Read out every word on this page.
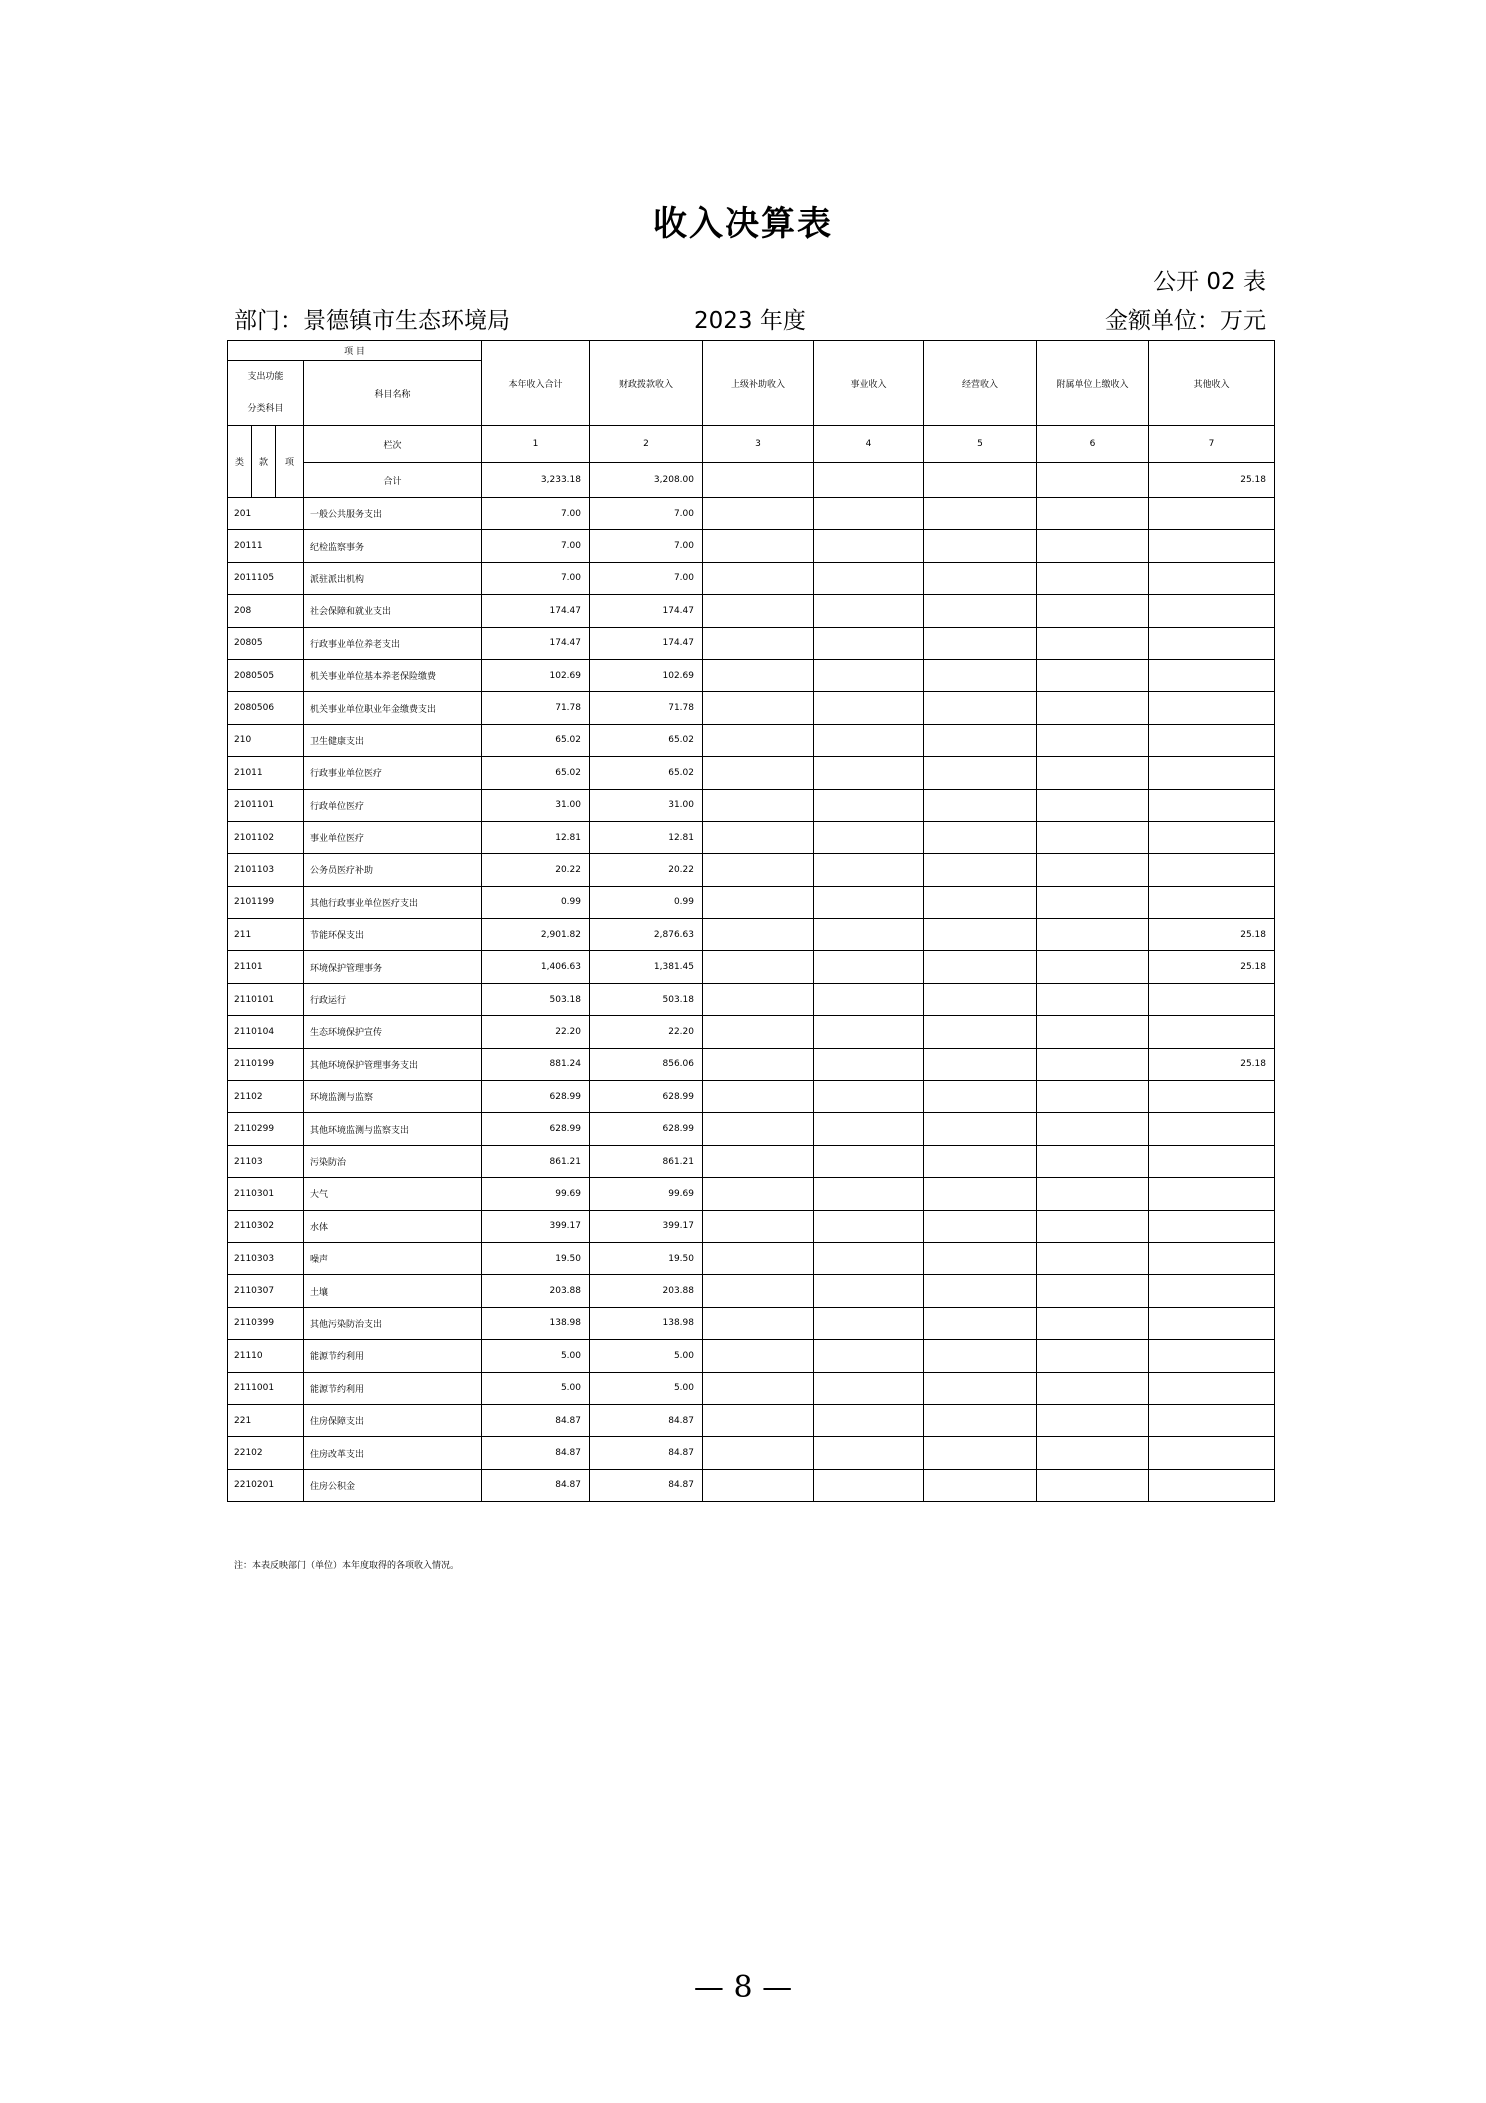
收入决算表
公开 02 表
部门：景德镇市生态环境局	2023 年度	金额单位：万元
项 目				本年收入合计	财政拨款收入	上级补助收入	事业收入	经营收入	附属单位上缴收入	其他收入

支出功能
分类科目			科目名称							
类	款	项	栏次	1	2	3	4	5	6	7
			合计	3,233.18	3,208.00					25.18
201			一般公共服务支出	7.00	7.00					
20111			纪检监察事务	7.00	7.00					
2011105			派驻派出机构	7.00	7.00					
208			社会保障和就业支出	174.47	174.47					
20805			行政事业单位养老支出	174.47	174.47					
2080505			机关事业单位基本养老保险缴费	102.69	102.69					
2080506			机关事业单位职业年金缴费支出	71.78	71.78					
210			卫生健康支出	65.02	65.02					
21011			行政事业单位医疗	65.02	65.02					
2101101			行政单位医疗	31.00	31.00					
2101102			事业单位医疗	12.81	12.81					
2101103			公务员医疗补助	20.22	20.22					
2101199			其他行政事业单位医疗支出	0.99	0.99					
211			节能环保支出	2,901.82	2,876.63					25.18
21101			环境保护管理事务	1,406.63	1,381.45					25.18
2110101			行政运行	503.18	503.18					
2110104			生态环境保护宣传	22.20	22.20					
2110199			其他环境保护管理事务支出	881.24	856.06					25.18
21102			环境监测与监察	628.99	628.99					
2110299			其他环境监测与监察支出	628.99	628.99					
21103			污染防治	861.21	861.21					
2110301			大气	99.69	99.69					
2110302			水体	399.17	399.17					
2110303			噪声	19.50	19.50					
2110307			土壤	203.88	203.88					
2110399			其他污染防治支出	138.98	138.98					
21110			能源节约利用	5.00	5.00					
2111001			能源节约利用	5.00	5.00					
221			住房保障支出	84.87	84.87					
22102			住房改革支出	84.87	84.87					
2210201			住房公积金	84.87	84.87					
注：本表反映部门（单位）本年度取得的各项收入情况。
— 8 —
